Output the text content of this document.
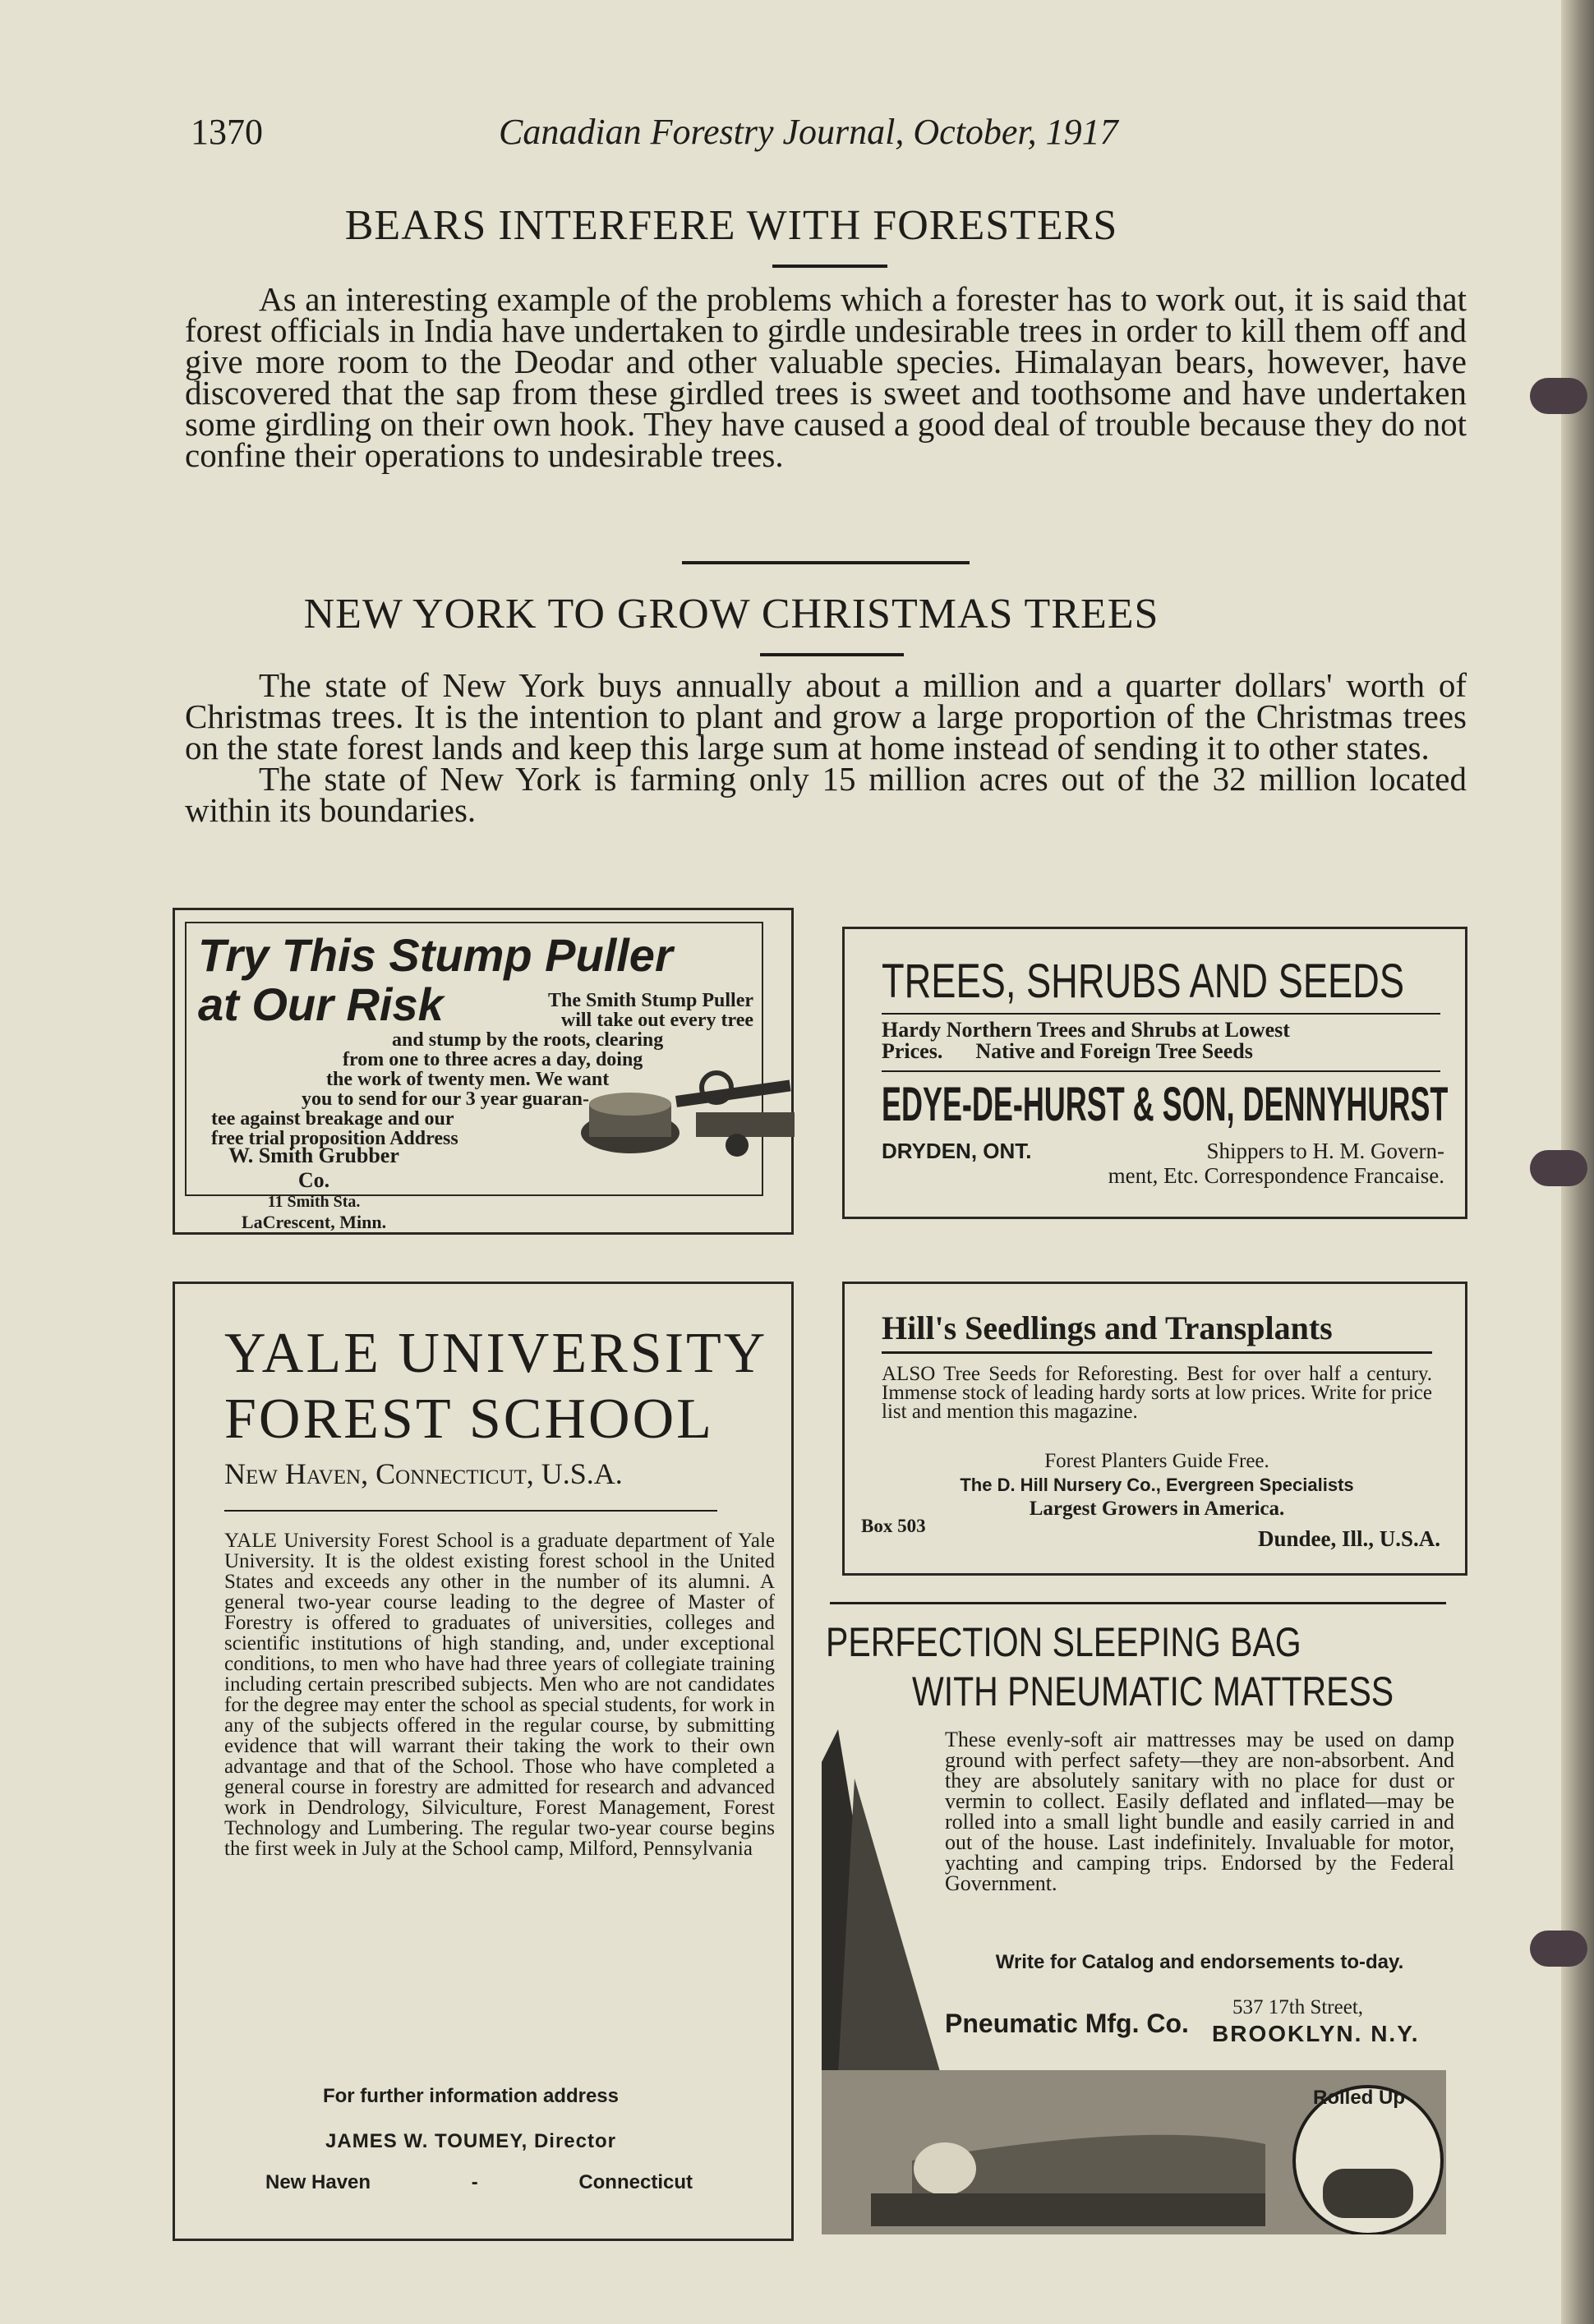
1370	Canadian Forestry Journal, October, 1917
BEARS INTERFERE WITH FORESTERS

As an interesting example of the problems which a forester has to work out, it is said that forest officials in India have undertaken to girdle undesirable trees in order to kill them off and give more room to the Deodar and other valuable species. Himalayan bears, however, have discovered that the sap from these girdled trees is sweet and toothsome and have undertaken some girdling on their own hook. They have caused a good deal of trouble because they do not confine their operations to undesirable trees.

NEW YORK TO GROW CHRISTMAS TREES

The state of New York buys annually about a million and a quarter dollars' worth of Christmas trees. It is the intention to plant and grow a large proportion of the Christmas trees on the state forest lands and keep this large sum at home instead of sending it to other states.

The state of New York is farming only 15 million acres out of the 32 million located within its boundaries.

Try This Stump Puller
at Our Risk	The Smith Stump Puller
will take out every tree
and stump by the roots, clearing
from one to three acres a day, doing
the work of twenty men. We want
you to send for our 3 year guaran-
tee against breakage and our
free trial proposition Address
W. Smith Grubber Co.
11 Smith Sta.
LaCrescent, Minn.
TREES, SHRUBS AND SEEDS
Hardy Northern Trees and Shrubs at Lowest
Prices. Native and Foreign Tree Seeds
EDYE-DE-HURST & SON, DENNYHURST
DRYDEN, ONT.	Shippers to H. M. Govern-
ment, Etc. Correspondence Francaise.
YALE UNIVERSITY
FOREST SCHOOL
New Haven, Connecticut, U.S.A.
YALE University Forest School is a graduate department of Yale University. It is the oldest existing forest school in the United States and exceeds any other in the number of its alumni. A general two-year course leading to the degree of Master of Forestry is offered to graduates of universities, colleges and scientific institutions of high standing, and, under exceptional conditions, to men who have had three years of collegiate training including certain prescribed subjects. Men who are not candidates for the degree may enter the school as special students, for work in any of the subjects offered in the regular course, by submitting evidence that will warrant their taking the work to their own advantage and that of the School. Those who have completed a general course in forestry are admitted for research and advanced work in Dendrology, Silviculture, Forest Management, Forest Technology and Lumbering. The regular two-year course begins the first week in July at the School camp, Milford, Pennsylvania
For further information address
JAMES W. TOUMEY, Director
New Haven	-	Connecticut
Hill's Seedlings and Transplants
ALSO Tree Seeds for Reforesting. Best for over half a century. Immense stock of leading hardy sorts at low prices. Write for price list and mention this magazine.
Forest Planters Guide Free.
The D. Hill Nursery Co., Evergreen Specialists
Largest Growers in America.
Box 503
Dundee, Ill., U.S.A.
PERFECTION SLEEPING BAG
WITH PNEUMATIC MATTRESS
These evenly-soft air mattresses may be used on damp ground with perfect safety—they are non-absorbent. And they are absolutely sanitary with no place for dust or vermin to collect. Easily deflated and inflated—may be rolled into a small light bundle and easily carried in and out of the house. Last indefinitely. Invaluable for motor, yachting and camping trips. Endorsed by the Federal Government.
Write for Catalog and endorsements to-day.
Pneumatic Mfg. Co.
537 17th Street,
BROOKLYN. N.Y.
Rolled Up
